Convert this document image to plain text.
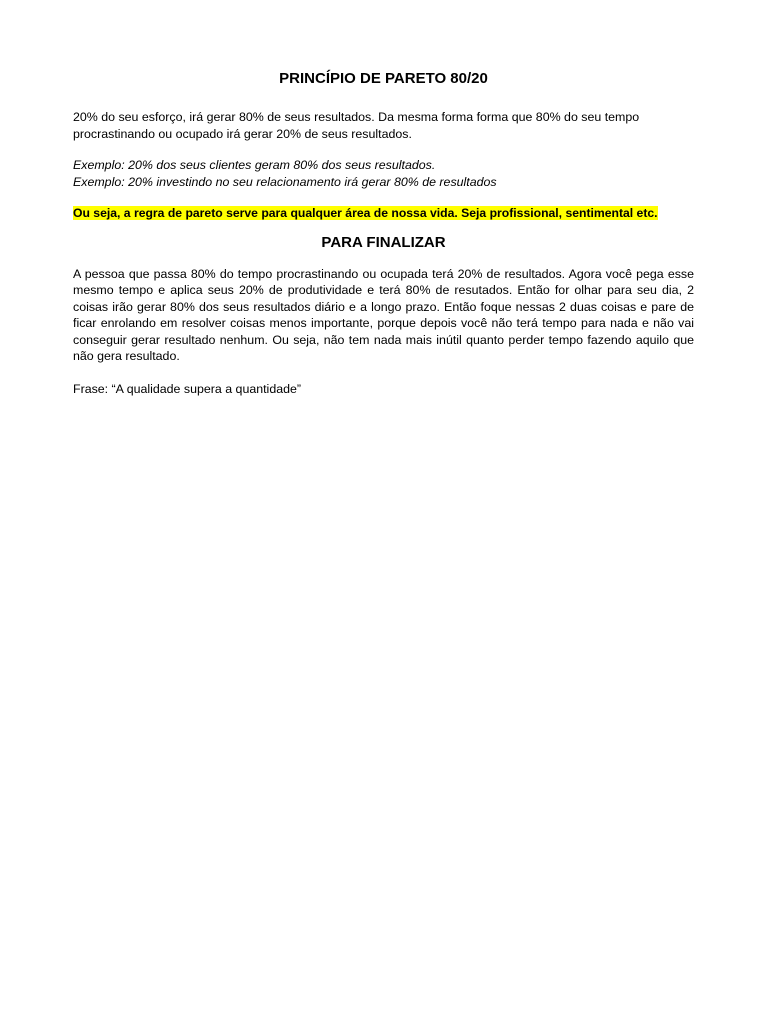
PRINCÍPIO DE PARETO 80/20

20% do seu esforço, irá gerar 80% de seus resultados. Da mesma forma forma que 80% do seu tempo procrastinando ou ocupado irá gerar 20% de seus resultados.

Exemplo: 20% dos seus clientes geram 80% dos seus resultados.

Exemplo: 20% investindo no seu relacionamento irá gerar 80% de resultados

Ou seja, a regra de pareto serve para qualquer área de nossa vida. Seja profissional, sentimental etc.

PARA FINALIZAR

A pessoa que passa 80% do tempo procrastinando ou ocupada terá 20% de resultados. Agora você pega esse mesmo tempo e aplica seus 20% de produtividade e terá 80% de resutados. Então for olhar para seu dia, 2 coisas irão gerar 80% dos seus resultados diário e a longo prazo. Então foque nessas 2 duas coisas e pare de ficar enrolando em resolver coisas menos importante, porque depois você não terá tempo para nada e não vai conseguir gerar resultado nenhum. Ou seja, não tem nada mais inútil quanto perder tempo fazendo aquilo que não gera resultado.

Frase: “A qualidade supera a quantidade”
